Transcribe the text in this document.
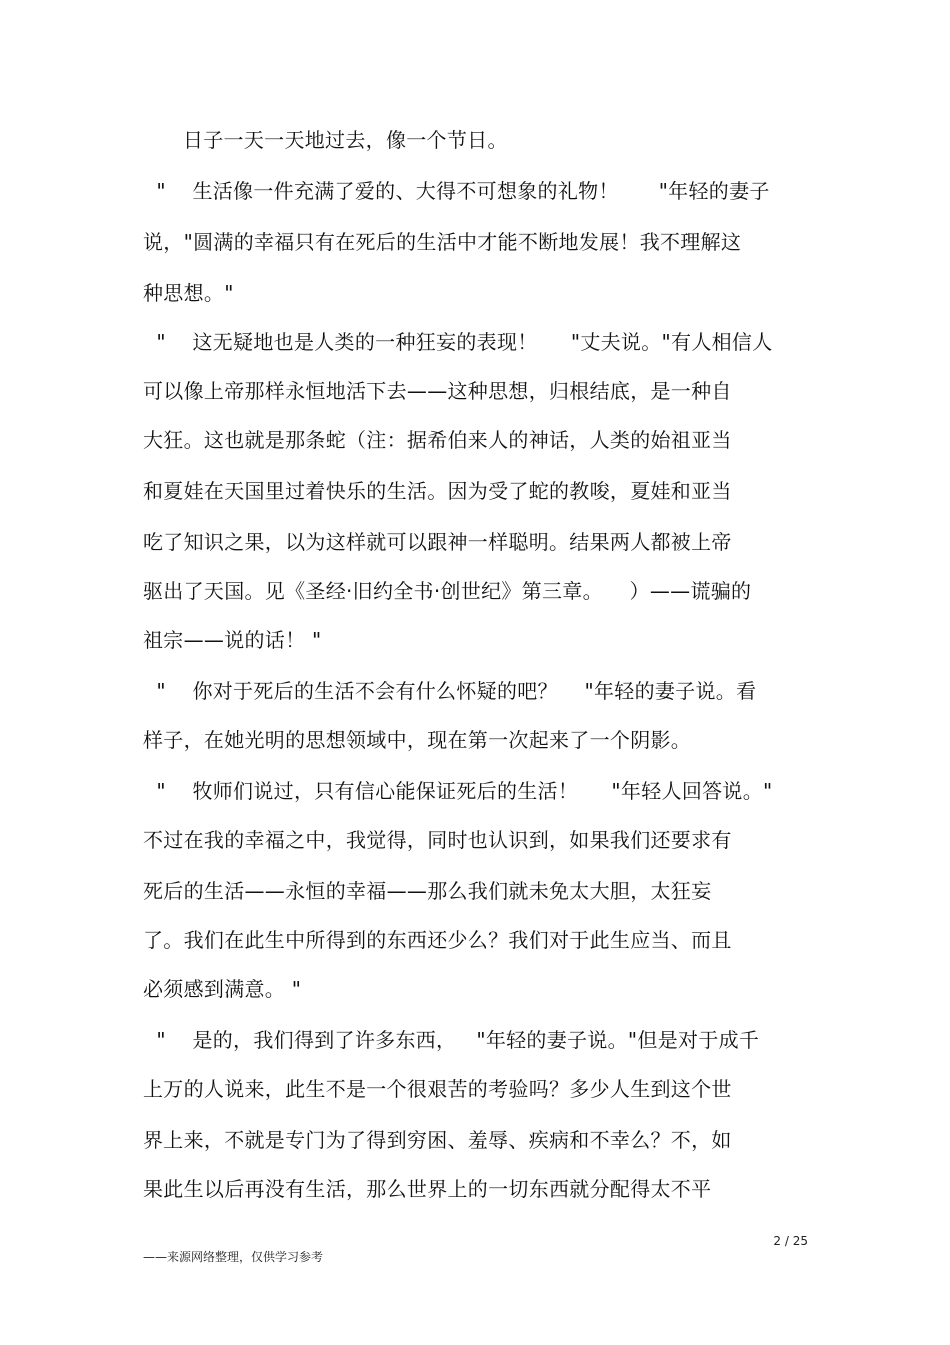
日子一天一天地过去，像一个节日。
"    生活像一件充满了爱的、大得不可想象的礼物！      "年轻的妻子
说，"圆满的幸福只有在死后的生活中才能不断地发展！我不理解这
种思想。"
"    这无疑地也是人类的一种狂妄的表现！     "丈夫说。"有人相信人
可以像上帝那样永恒地活下去——这种思想，归根结底，是一种自
大狂。这也就是那条蛇（注：据希伯来人的神话，人类的始祖亚当
和夏娃在天国里过着快乐的生活。因为受了蛇的教唆，夏娃和亚当
吃了知识之果，以为这样就可以跟神一样聪明。结果两人都被上帝
驱出了天国。见《圣经·旧约全书·创世纪》第三章。    ）——谎骗的
祖宗——说的话！ "
"    你对于死后的生活不会有什么怀疑的吧？    "年轻的妻子说。看
样子，在她光明的思想领域中，现在第一次起来了一个阴影。
"    牧师们说过，只有信心能保证死后的生活！     "年轻人回答说。"
不过在我的幸福之中，我觉得，同时也认识到，如果我们还要求有
死后的生活——永恒的幸福——那么我们就未免太大胆，太狂妄
了。我们在此生中所得到的东西还少么？我们对于此生应当、而且
必须感到满意。 "
"    是的，我们得到了许多东西，   "年轻的妻子说。"但是对于成千
上万的人说来，此生不是一个很艰苦的考验吗？多少人生到这个世
界上来，不就是专门为了得到穷困、羞辱、疾病和不幸么？不，如
果此生以后再没有生活，那么世界上的一切东西就分配得太不平
2 / 25
——来源网络整理，仅供学习参考
